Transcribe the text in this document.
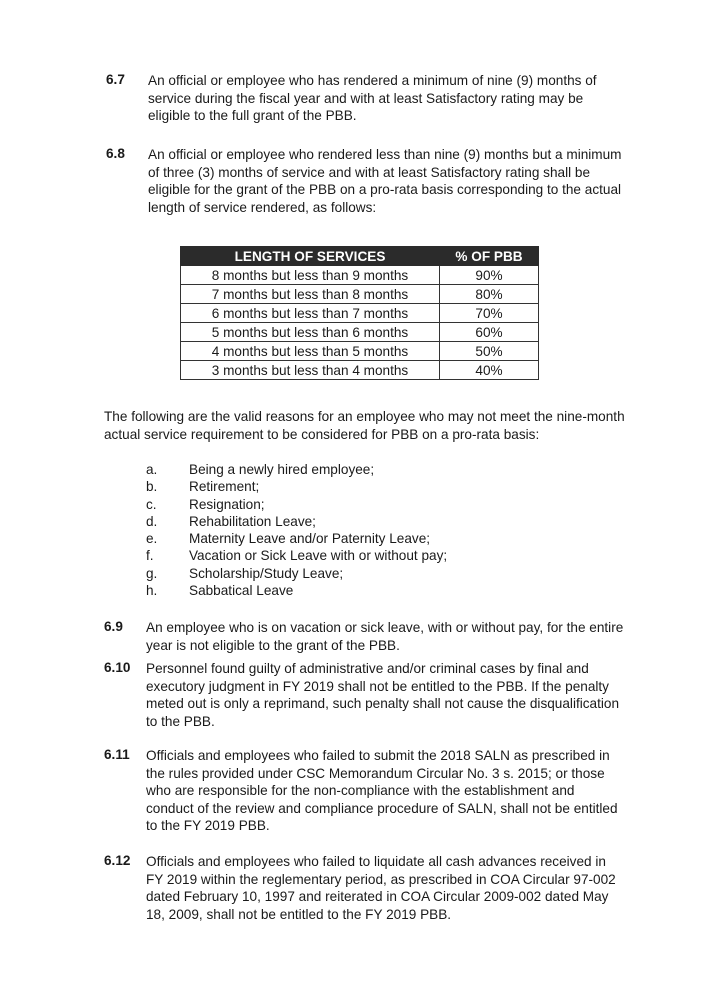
6.7 An official or employee who has rendered a minimum of nine (9) months of service during the fiscal year and with at least Satisfactory rating may be eligible to the full grant of the PBB.
6.8 An official or employee who rendered less than nine (9) months but a minimum of three (3) months of service and with at least Satisfactory rating shall be eligible for the grant of the PBB on a pro-rata basis corresponding to the actual length of service rendered, as follows:
LENGTH OF SERVICES	% OF PBB
8 months but less than 9 months	90%
7 months but less than 8 months	80%
6 months but less than 7 months	70%
5 months but less than 6 months	60%
4 months but less than 5 months	50%
3 months but less than 4 months	40%
The following are the valid reasons for an employee who may not meet the nine-month actual service requirement to be considered for PBB on a pro-rata basis:
a.	Being a newly hired employee;
b.	Retirement;
c.	Resignation;
d.	Rehabilitation Leave;
e.	Maternity Leave and/or Paternity Leave;
f.	Vacation or Sick Leave with or without pay;
g.	Scholarship/Study Leave;
h.	Sabbatical Leave
6.9 An employee who is on vacation or sick leave, with or without pay, for the entire year is not eligible to the grant of the PBB.
6.10 Personnel found guilty of administrative and/or criminal cases by final and executory judgment in FY 2019 shall not be entitled to the PBB. If the penalty meted out is only a reprimand, such penalty shall not cause the disqualification to the PBB.
6.11 Officials and employees who failed to submit the 2018 SALN as prescribed in the rules provided under CSC Memorandum Circular No. 3 s. 2015; or those who are responsible for the non-compliance with the establishment and conduct of the review and compliance procedure of SALN, shall not be entitled to the FY 2019 PBB.
6.12 Officials and employees who failed to liquidate all cash advances received in FY 2019 within the reglementary period, as prescribed in COA Circular 97-002 dated February 10, 1997 and reiterated in COA Circular 2009-002 dated May 18, 2009, shall not be entitled to the FY 2019 PBB.
